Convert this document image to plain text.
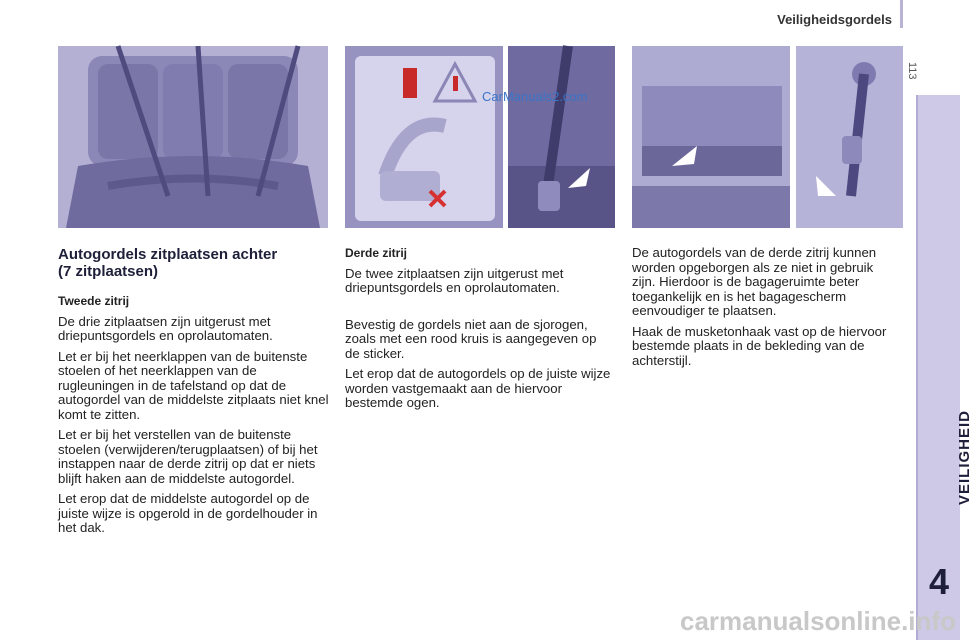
Veiligheidsgordels
113
VEILIGHEID
4
CarManuals2.com
Autogordels zitplaatsen achter
(7 zitplaatsen)
Tweede zitrij

De drie zitplaatsen zijn uitgerust met driepuntsgordels en oprolautomaten.

Let er bij het neerklappen van de buitenste stoelen of het neerklappen van de rugleuningen in de tafelstand op dat de autogordel van de middelste zitplaats niet knel komt te zitten.

Let er bij het verstellen van de buitenste stoelen (verwijderen/terugplaatsen) of bij het instappen naar de derde zitrij op dat er niets blijft haken aan de middelste autogordel.

Let erop dat de middelste autogordel op de juiste wijze is opgerold in de gordelhouder in het dak.

Derde zitrij

De twee zitplaatsen zijn uitgerust met driepuntsgordels en oprolautomaten.

Bevestig de gordels niet aan de sjorogen, zoals met een rood kruis is aangegeven op de sticker.

Let erop dat de autogordels op de juiste wijze worden vastgemaakt aan de hiervoor bestemde ogen.

De autogordels van de derde zitrij kunnen worden opgeborgen als ze niet in gebruik zijn. Hierdoor is de bagageruimte beter toegankelijk en is het bagagescherm eenvoudiger te plaatsen.

Haak de musketonhaak vast op de hiervoor bestemde plaats in de bekleding van de achterstijl.

carmanualsonline.info
